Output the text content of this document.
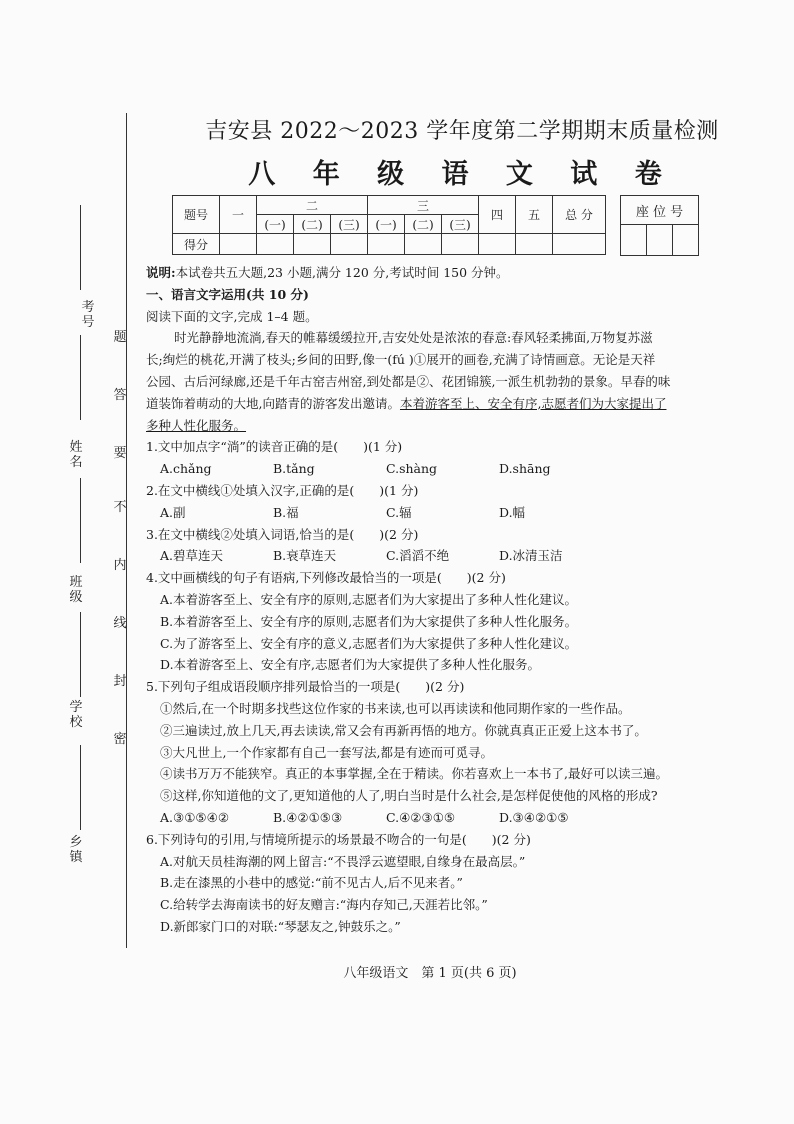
考号
姓名
班级
学校
乡镇
题
答
要
不
内
线
封
密
吉安县 2022～2023 学年度第二学期期末质量检测
八 年 级 语 文 试 卷
题号	一	二			三			四	五	总 分
		(一)	(二)	(三)	(一)	(二)	(三)			
得分										
座 位 号

说明:本试卷共五大题,23 小题,满分 120 分,考试时间 150 分钟。

一、语言文字运用(共 10 分)

阅读下面的文字,完成 1–4 题。

时光静静地流淌,春天的帷幕缓缓拉开,吉安处处是浓浓的春意:春风轻柔拂面,万物复苏滋

长;绚烂的桃花,开满了枝头;乡间的田野,像一(fú )①展开的画卷,充满了诗情画意。无论是天祥

公园、古后河绿廊,还是千年古窑吉州窑,到处都是②、花团锦簇,一派生机勃勃的景象。早春的味

道装饰着萌动的大地,向踏青的游客发出邀请。本着游客至上、安全有序,志愿者们为大家提出了

多种人性化服务。

1.文中加点字“淌”的读音正确的是(　　)(1 分)

A.chǎng	B.tǎng	C.shàng	D.shāng

2.在文中横线①处填入汉字,正确的是(　　)(1 分)

A.副	B.福	C.辐	D.幅

3.在文中横线②处填入词语,恰当的是(　　)(2 分)

A.碧草连天	B.衰草连天	C.滔滔不绝	D.冰清玉洁

4.文中画横线的句子有语病,下列修改最恰当的一项是(　　)(2 分)

A.本着游客至上、安全有序的原则,志愿者们为大家提出了多种人性化建议。

B.本着游客至上、安全有序的原则,志愿者们为大家提供了多种人性化服务。

C.为了游客至上、安全有序的意义,志愿者们为大家提供了多种人性化建议。

D.本着游客至上、安全有序,志愿者们为大家提供了多种人性化服务。

5.下列句子组成语段顺序排列最恰当的一项是(　　)(2 分)

①然后,在一个时期多找些这位作家的书来读,也可以再读读和他同期作家的一些作品。

②三遍读过,放上几天,再去读读,常又会有再新再悟的地方。你就真真正正爱上这本书了。

③大凡世上,一个作家都有自己一套写法,都是有迹而可觅寻。

④读书万万不能狭窄。真正的本事掌握,全在于精读。你若喜欢上一本书了,最好可以读三遍。

⑤这样,你知道他的文了,更知道他的人了,明白当时是什么社会,是怎样促使他的风格的形成?

A.③①⑤④②	B.④②①⑤③	C.④②③①⑤	D.③④②①⑤

6.下列诗句的引用,与情境所提示的场景最不吻合的一句是(　　)(2 分)

A.对航天员桂海潮的网上留言:“不畏浮云遮望眼,自缘身在最高层。”

B.走在漆黑的小巷中的感觉:“前不见古人,后不见来者。”

C.给转学去海南读书的好友赠言:“海内存知己,天涯若比邻。”

D.新郎家门口的对联:“琴瑟友之,钟鼓乐之。”

八年级语文　第 1 页(共 6 页)
